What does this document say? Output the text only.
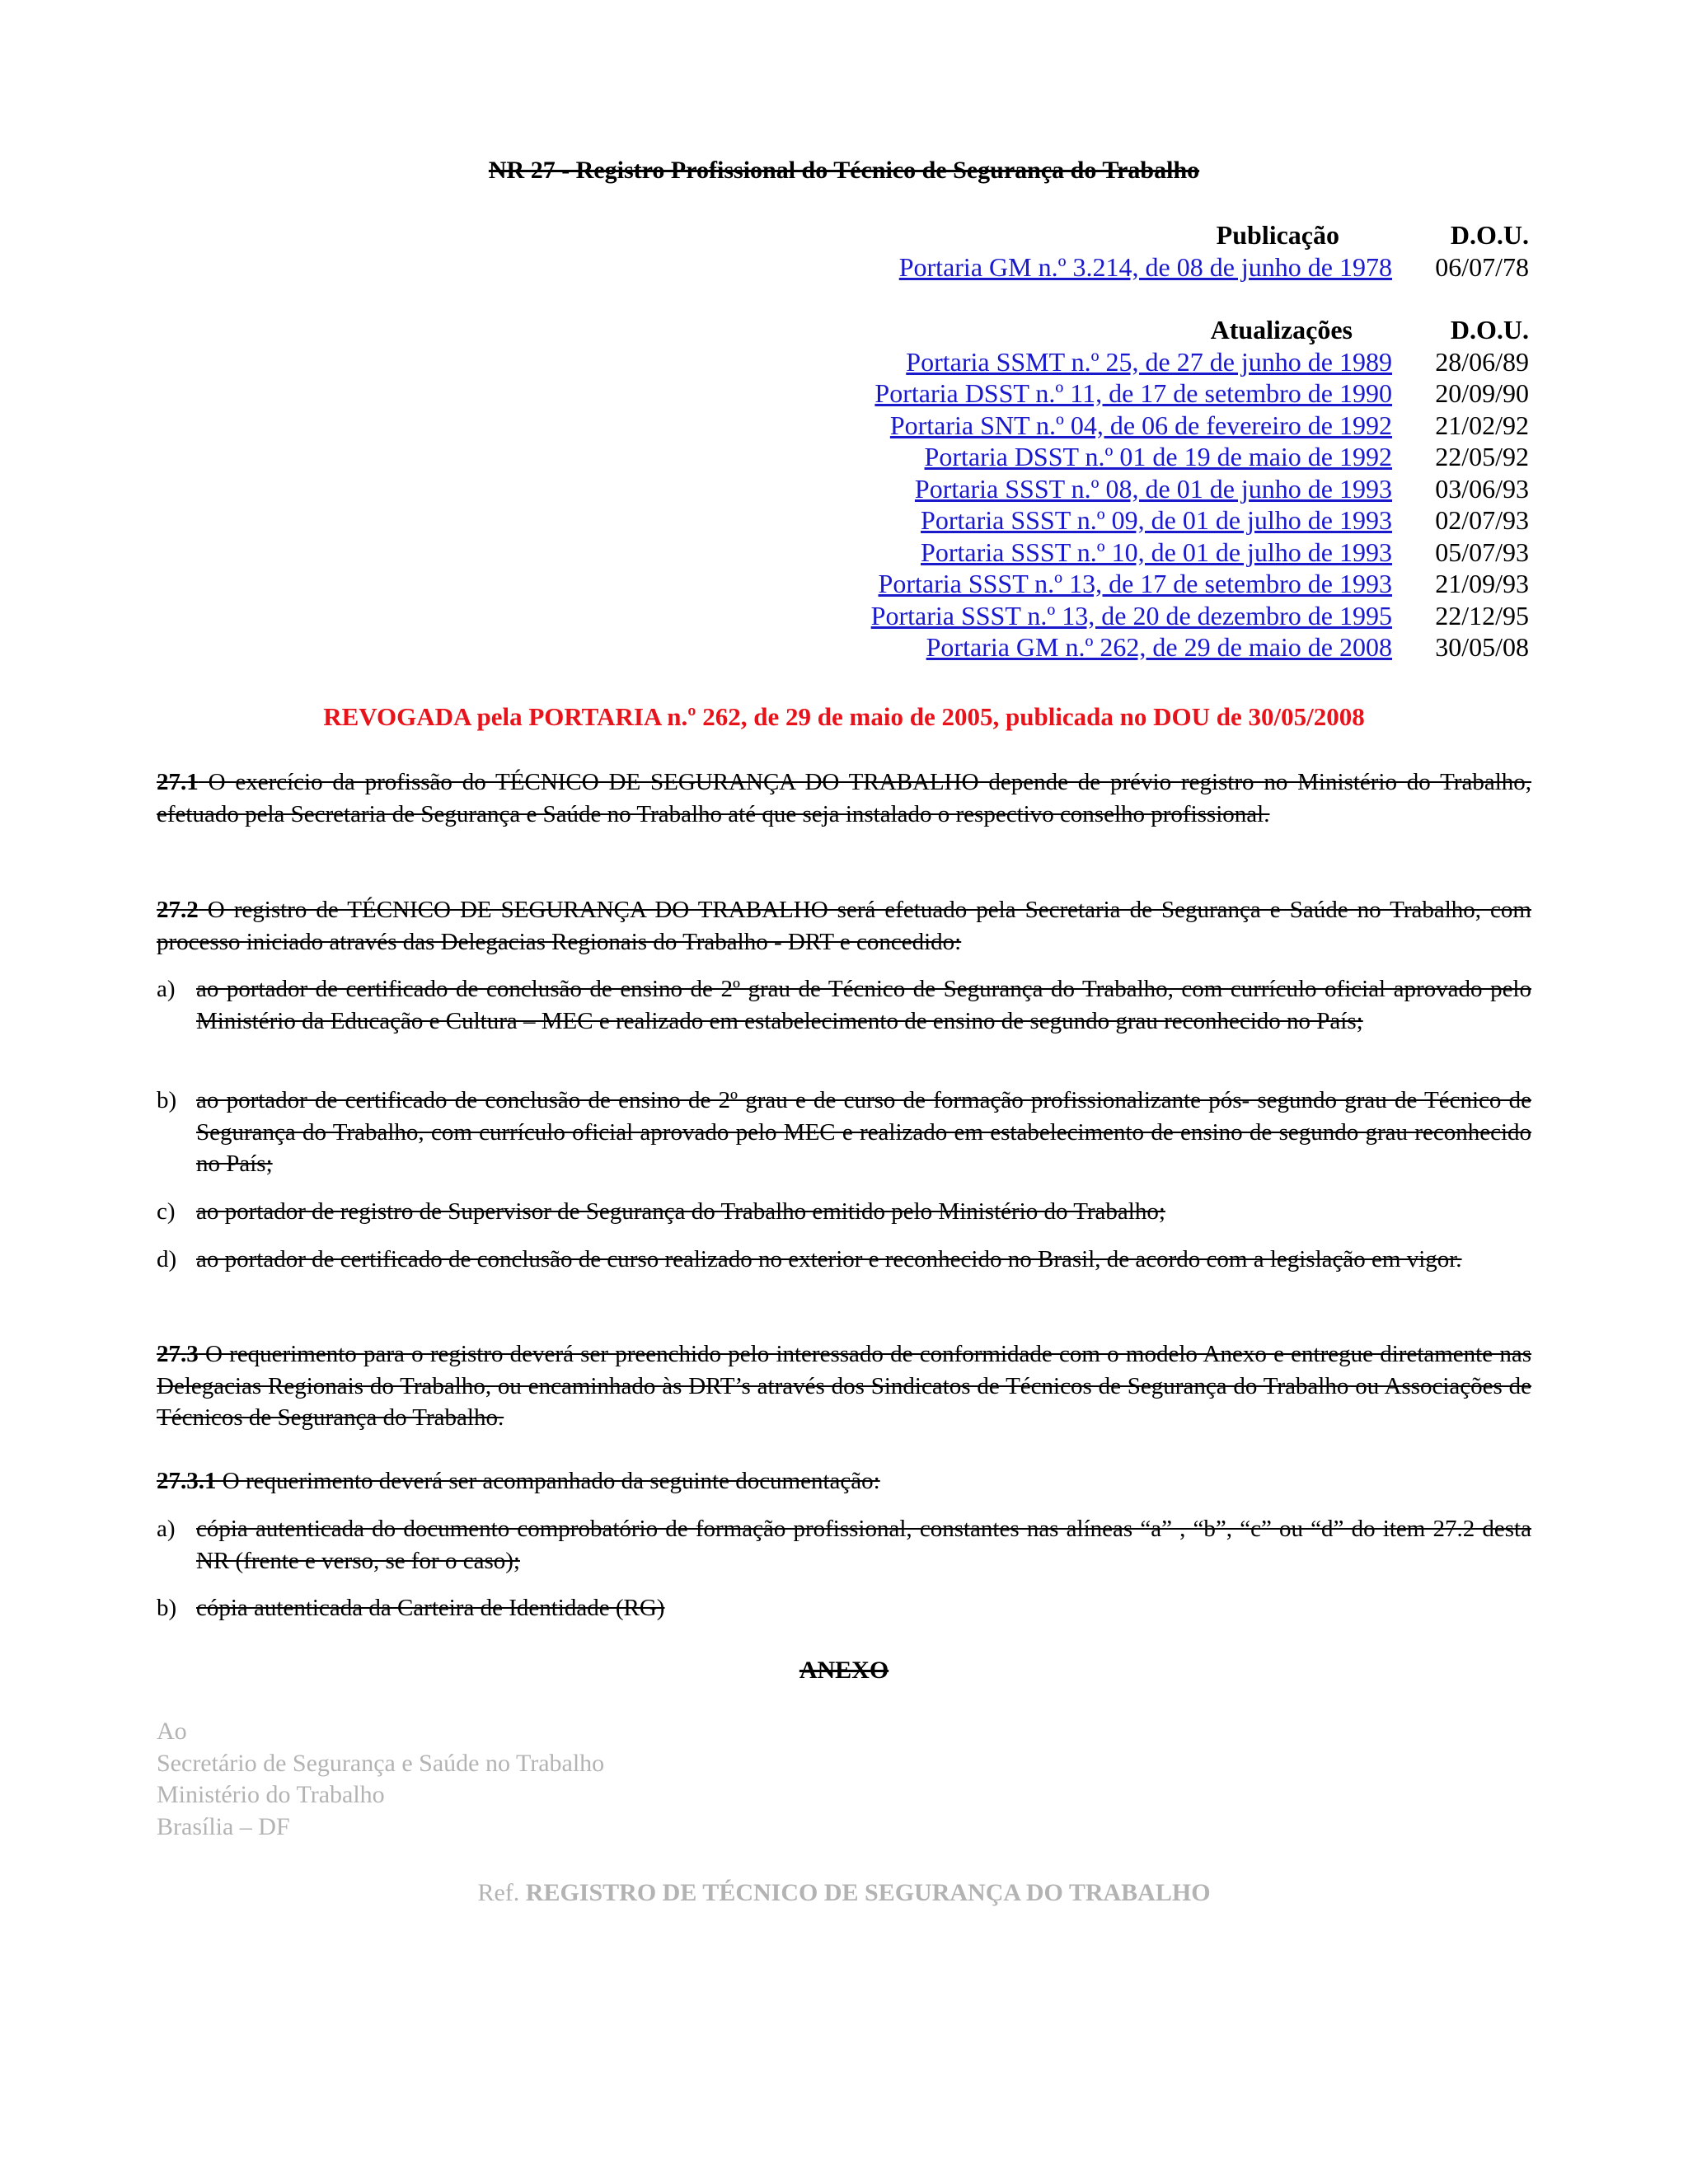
NR 27 - Registro Profissional do Técnico de Segurança do Trabalho
Publicação	D.O.U.
Portaria GM n.º 3.214, de 08 de junho de 1978	06/07/78
Atualizações	D.O.U.
Portaria SSMT n.º 25, de 27 de junho de 1989	28/06/89
Portaria DSST n.º 11, de 17 de setembro de 1990	20/09/90
Portaria SNT n.º 04, de 06 de fevereiro de 1992	21/02/92
Portaria DSST n.º 01 de 19 de maio de 1992	22/05/92
Portaria SSST n.º 08, de 01 de junho de 1993	03/06/93
Portaria SSST n.º 09, de 01 de julho de 1993	02/07/93
Portaria SSST n.º 10, de 01 de julho de 1993	05/07/93
Portaria SSST n.º 13, de 17 de setembro de 1993	21/09/93
Portaria SSST n.º 13, de 20 de dezembro de 1995	22/12/95
Portaria GM n.º 262, de 29 de maio de 2008	30/05/08
REVOGADA pela PORTARIA n.º 262, de 29 de maio de 2005, publicada no DOU de 30/05/2008
27.1 O exercício da profissão do TÉCNICO DE SEGURANÇA DO TRABALHO depende de prévio registro no Ministério do Trabalho, efetuado pela Secretaria de Segurança e Saúde no Trabalho até que seja instalado o respectivo conselho profissional.
27.2 O registro de TÉCNICO DE SEGURANÇA DO TRABALHO será efetuado pela Secretaria de Segurança e Saúde no Trabalho, com processo iniciado através das Delegacias Regionais do Trabalho - DRT e concedido:
a) ao portador de certificado de conclusão de ensino de 2º grau de Técnico de Segurança do Trabalho, com currículo oficial aprovado pelo Ministério da Educação e Cultura – MEC e realizado em estabelecimento de ensino de segundo grau reconhecido no País;
b) ao portador de certificado de conclusão de ensino de 2º grau e de curso de formação profissionalizante pós- segundo grau de Técnico de Segurança do Trabalho, com currículo oficial aprovado pelo MEC e realizado em estabelecimento de ensino de segundo grau reconhecido no País;
c) ao portador de registro de Supervisor de Segurança do Trabalho emitido pelo Ministério do Trabalho;
d) ao portador de certificado de conclusão de curso realizado no exterior e reconhecido no Brasil, de acordo com a legislação em vigor.
27.3 O requerimento para o registro deverá ser preenchido pelo interessado de conformidade com o modelo Anexo e entregue diretamente nas Delegacias Regionais do Trabalho, ou encaminhado às DRT’s através dos Sindicatos de Técnicos de Segurança do Trabalho ou Associações de Técnicos de Segurança do Trabalho.
27.3.1 O requerimento deverá ser acompanhado da seguinte documentação:
a) cópia autenticada do documento comprobatório de formação profissional, constantes nas alíneas “a” , “b”, “c” ou “d” do item 27.2 desta NR (frente e verso, se for o caso);
b) cópia autenticada da Carteira de Identidade (RG)
ANEXO
Ao
Secretário de Segurança e Saúde no Trabalho
Ministério do Trabalho
Brasília – DF
Ref. REGISTRO DE TÉCNICO DE SEGURANÇA DO TRABALHO
